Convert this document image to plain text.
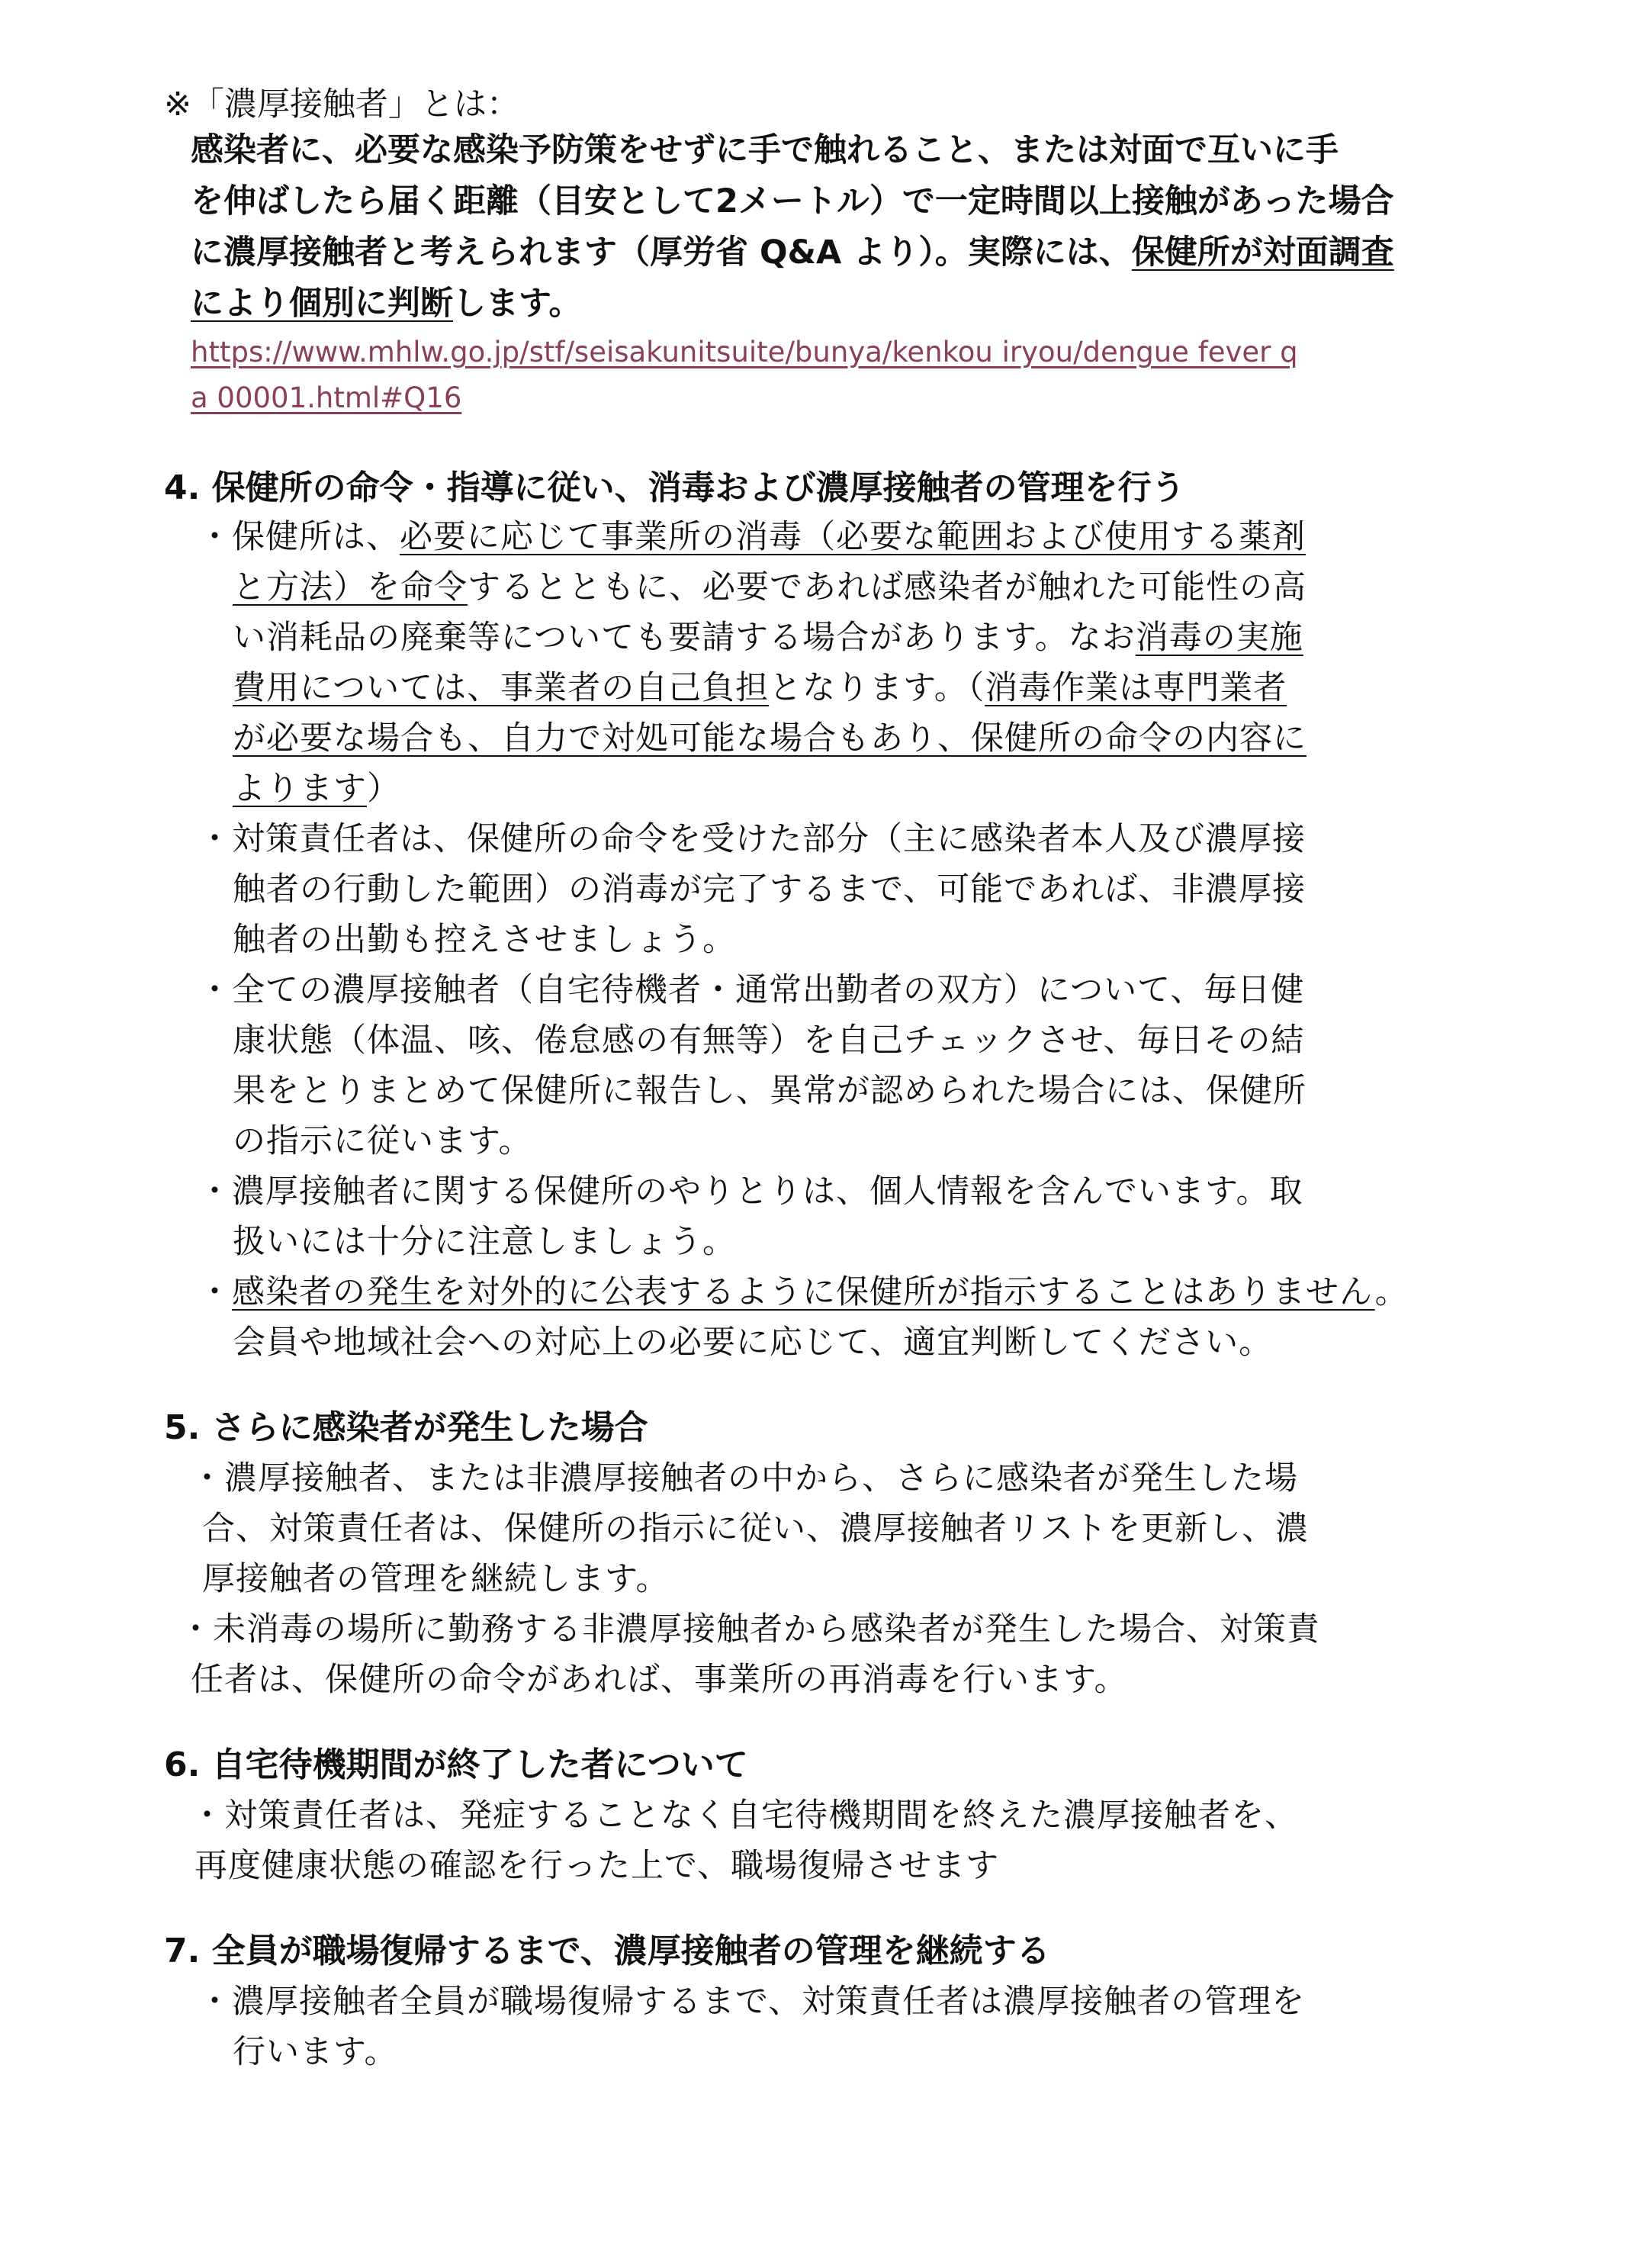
※「濃厚接触者」とは：

感染者に、必要な感染予防策をせずに手で触れること、または対面で互いに手

を伸ばしたら届く距離（目安として2メートル）で一定時間以上接触があった場合

に濃厚接触者と考えられます（厚労省 Q&A より）。実際には、保健所が対面調査

により個別に判断します。

https://www.mhlw.go.jp/stf/seisakunitsuite/bunya/kenkou iryou/dengue fever q

a 00001.html#Q16

4. 保健所の命令・指導に従い、消毒および濃厚接触者の管理を行う

・保健所は、必要に応じて事業所の消毒（必要な範囲および使用する薬剤

と方法）を命令するとともに、必要であれば感染者が触れた可能性の高

い消耗品の廃棄等についても要請する場合があります。なお消毒の実施

費用については、事業者の自己負担となります。（消毒作業は専門業者

が必要な場合も、自力で対処可能な場合もあり、保健所の命令の内容に

よります）

・対策責任者は、保健所の命令を受けた部分（主に感染者本人及び濃厚接

触者の行動した範囲）の消毒が完了するまで、可能であれば、非濃厚接

触者の出勤も控えさせましょう。

・全ての濃厚接触者（自宅待機者・通常出勤者の双方）について、毎日健

康状態（体温、咳、倦怠感の有無等）を自己チェックさせ、毎日その結

果をとりまとめて保健所に報告し、異常が認められた場合には、保健所

の指示に従います。

・濃厚接触者に関する保健所のやりとりは、個人情報を含んでいます。取

扱いには十分に注意しましょう。

・感染者の発生を対外的に公表するように保健所が指示することはありません。

会員や地域社会への対応上の必要に応じて、適宜判断してください。

5. さらに感染者が発生した場合

・濃厚接触者、または非濃厚接触者の中から、さらに感染者が発生した場

合、対策責任者は、保健所の指示に従い、濃厚接触者リストを更新し、濃

厚接触者の管理を継続します。

・未消毒の場所に勤務する非濃厚接触者から感染者が発生した場合、対策責

任者は、保健所の命令があれば、事業所の再消毒を行います。

6. 自宅待機期間が終了した者について

・対策責任者は、発症することなく自宅待機期間を終えた濃厚接触者を、

再度健康状態の確認を行った上で、職場復帰させます

7. 全員が職場復帰するまで、濃厚接触者の管理を継続する

・濃厚接触者全員が職場復帰するまで、対策責任者は濃厚接触者の管理を

行います。
